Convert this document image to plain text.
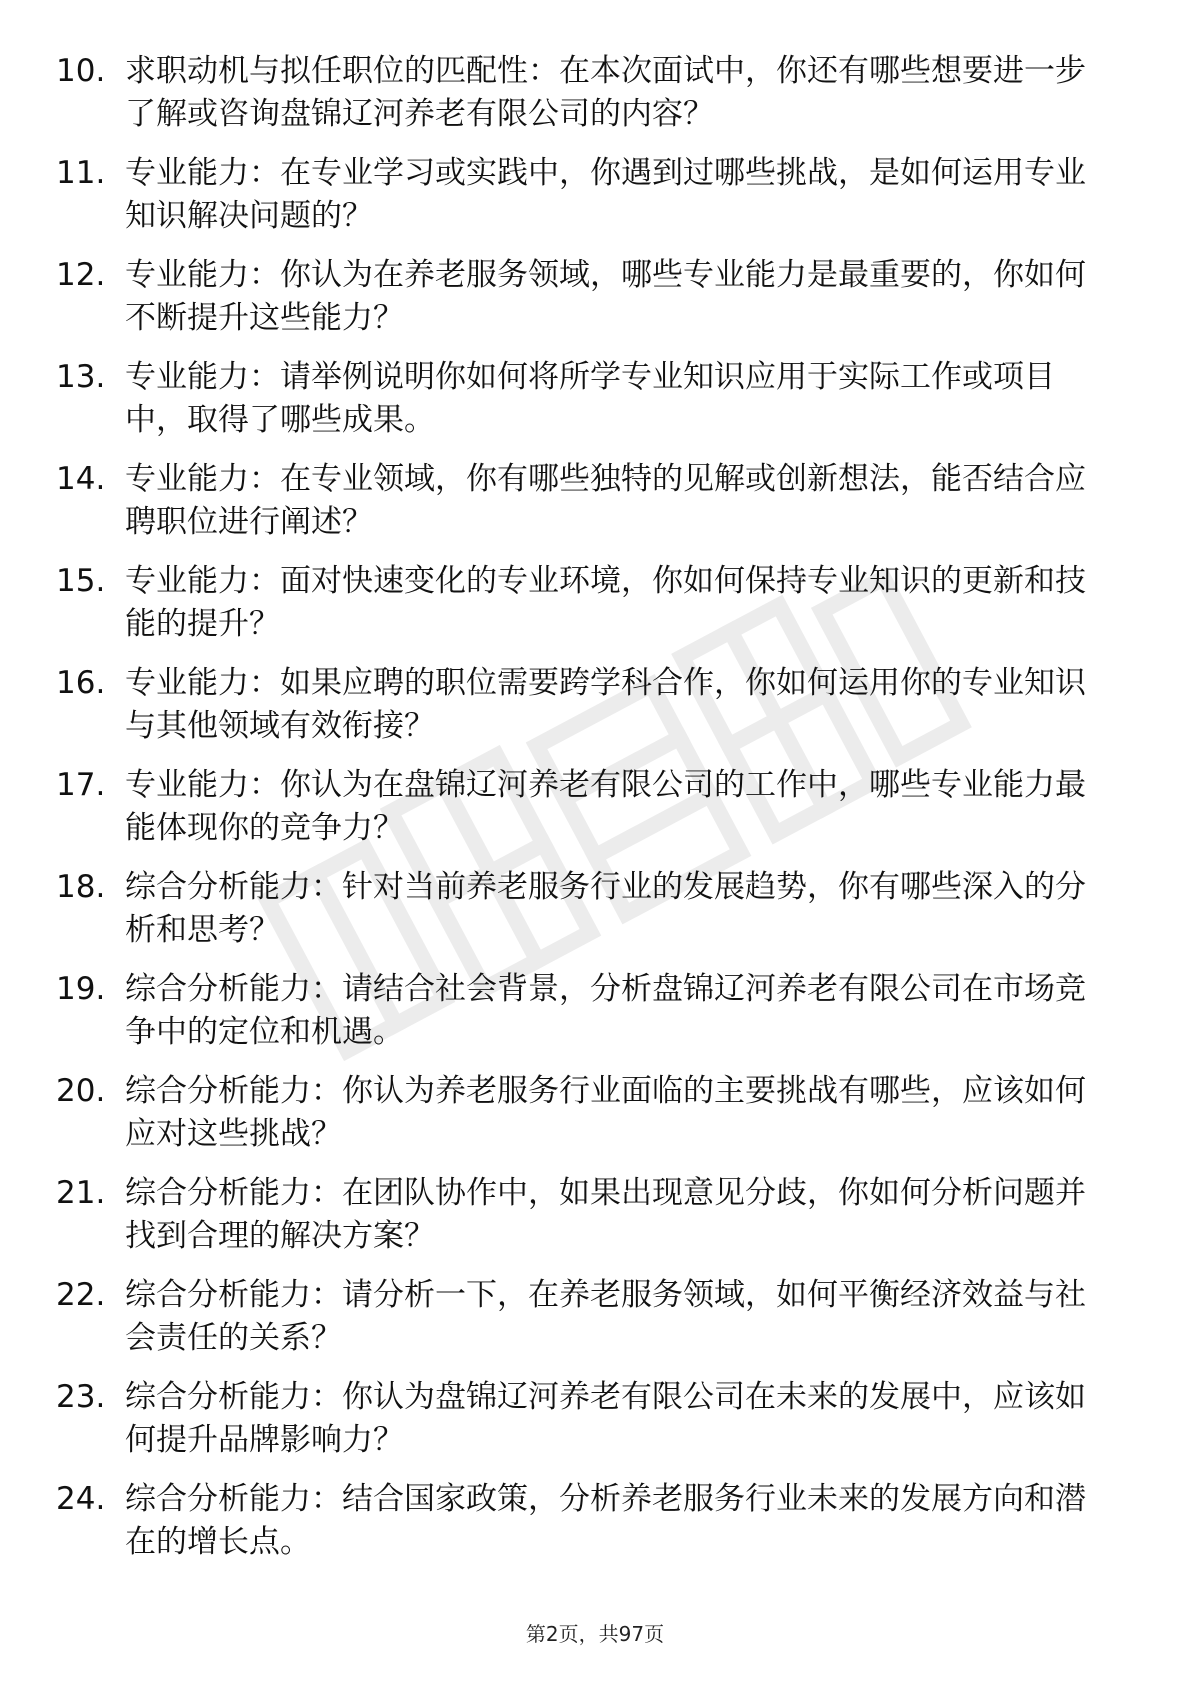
10. 求职动机与拟任职位的匹配性：在本次面试中，你还有哪些想要进一步了解或咨询盘锦辽河养老有限公司的内容？
11. 专业能力：在专业学习或实践中，你遇到过哪些挑战，是如何运用专业知识解决问题的？
12. 专业能力：你认为在养老服务领域，哪些专业能力是最重要的，你如何不断提升这些能力？
13. 专业能力：请举例说明你如何将所学专业知识应用于实际工作或项目中，取得了哪些成果。
14. 专业能力：在专业领域，你有哪些独特的见解或创新想法，能否结合应聘职位进行阐述？
15. 专业能力：面对快速变化的专业环境，你如何保持专业知识的更新和技能的提升？
16. 专业能力：如果应聘的职位需要跨学科合作，你如何运用你的专业知识与其他领域有效衔接？
17. 专业能力：你认为在盘锦辽河养老有限公司的工作中，哪些专业能力最能体现你的竞争力？
18. 综合分析能力：针对当前养老服务行业的发展趋势，你有哪些深入的分析和思考？
19. 综合分析能力：请结合社会背景，分析盘锦辽河养老有限公司在市场竞争中的定位和机遇。
20. 综合分析能力：你认为养老服务行业面临的主要挑战有哪些，应该如何应对这些挑战？
21. 综合分析能力：在团队协作中，如果出现意见分歧，你如何分析问题并找到合理的解决方案？
22. 综合分析能力：请分析一下，在养老服务领域，如何平衡经济效益与社会责任的关系？
23. 综合分析能力：你认为盘锦辽河养老有限公司在未来的发展中，应该如何提升品牌影响力？
24. 综合分析能力：结合国家政策，分析养老服务行业未来的发展方向和潜在的增长点。
第2页，共97页
